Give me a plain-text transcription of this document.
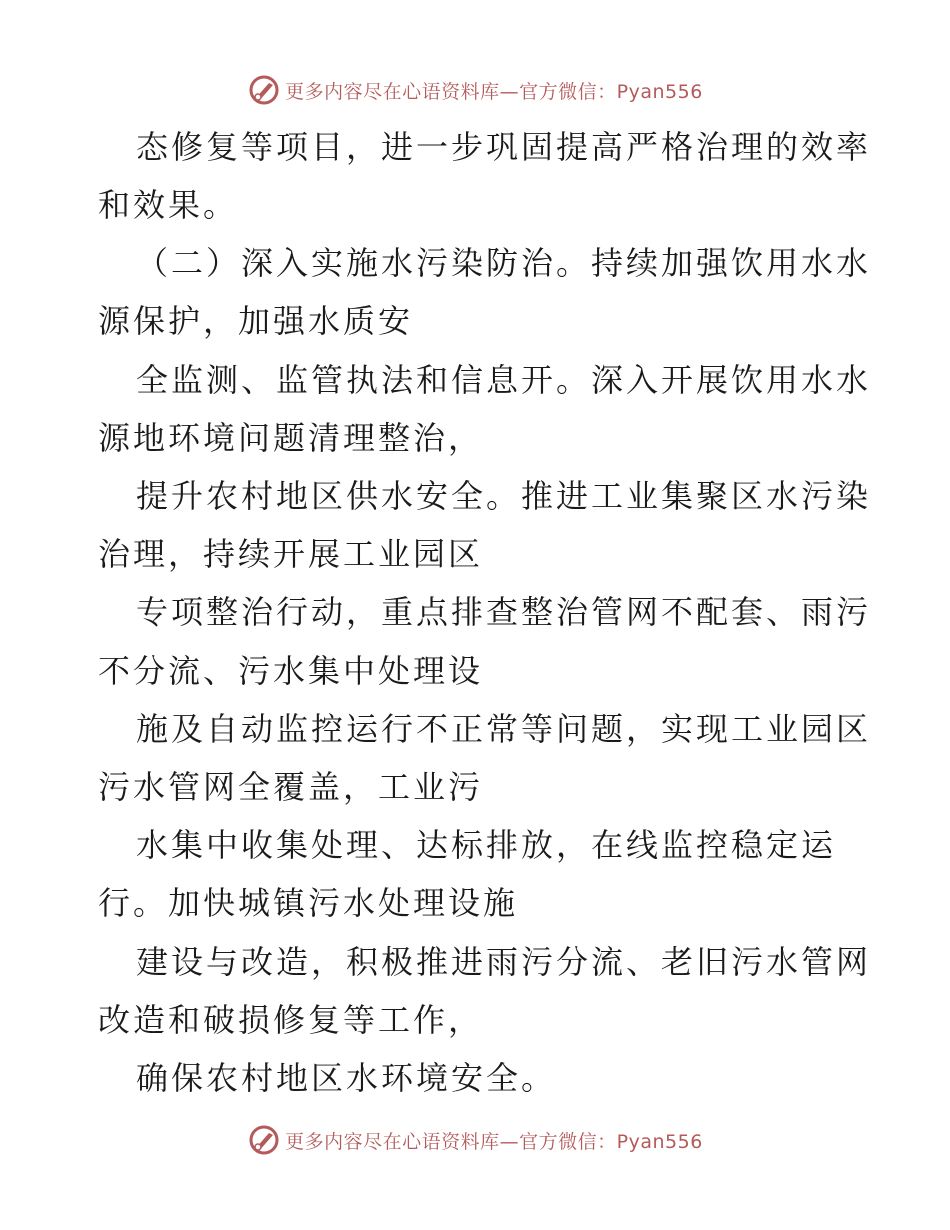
更多内容尽在心语资料库—官方微信：Pyan556
态修复等项目，进一步巩固提高严格治理的效率
和效果。
（二）深入实施水污染防治。持续加强饮用水水
源保护，加强水质安
全监测、监管执法和信息开。深入开展饮用水水
源地环境问题清理整治，
提升农村地区供水安全。推进工业集聚区水污染
治理，持续开展工业园区
专项整治行动，重点排查整治管网不配套、雨污
不分流、污水集中处理设
施及自动监控运行不正常等问题，实现工业园区
污水管网全覆盖，工业污
水集中收集处理、达标排放，在线监控稳定运
行。加快城镇污水处理设施
建设与改造，积极推进雨污分流、老旧污水管网
改造和破损修复等工作，
确保农村地区水环境安全。
更多内容尽在心语资料库—官方微信：Pyan556
